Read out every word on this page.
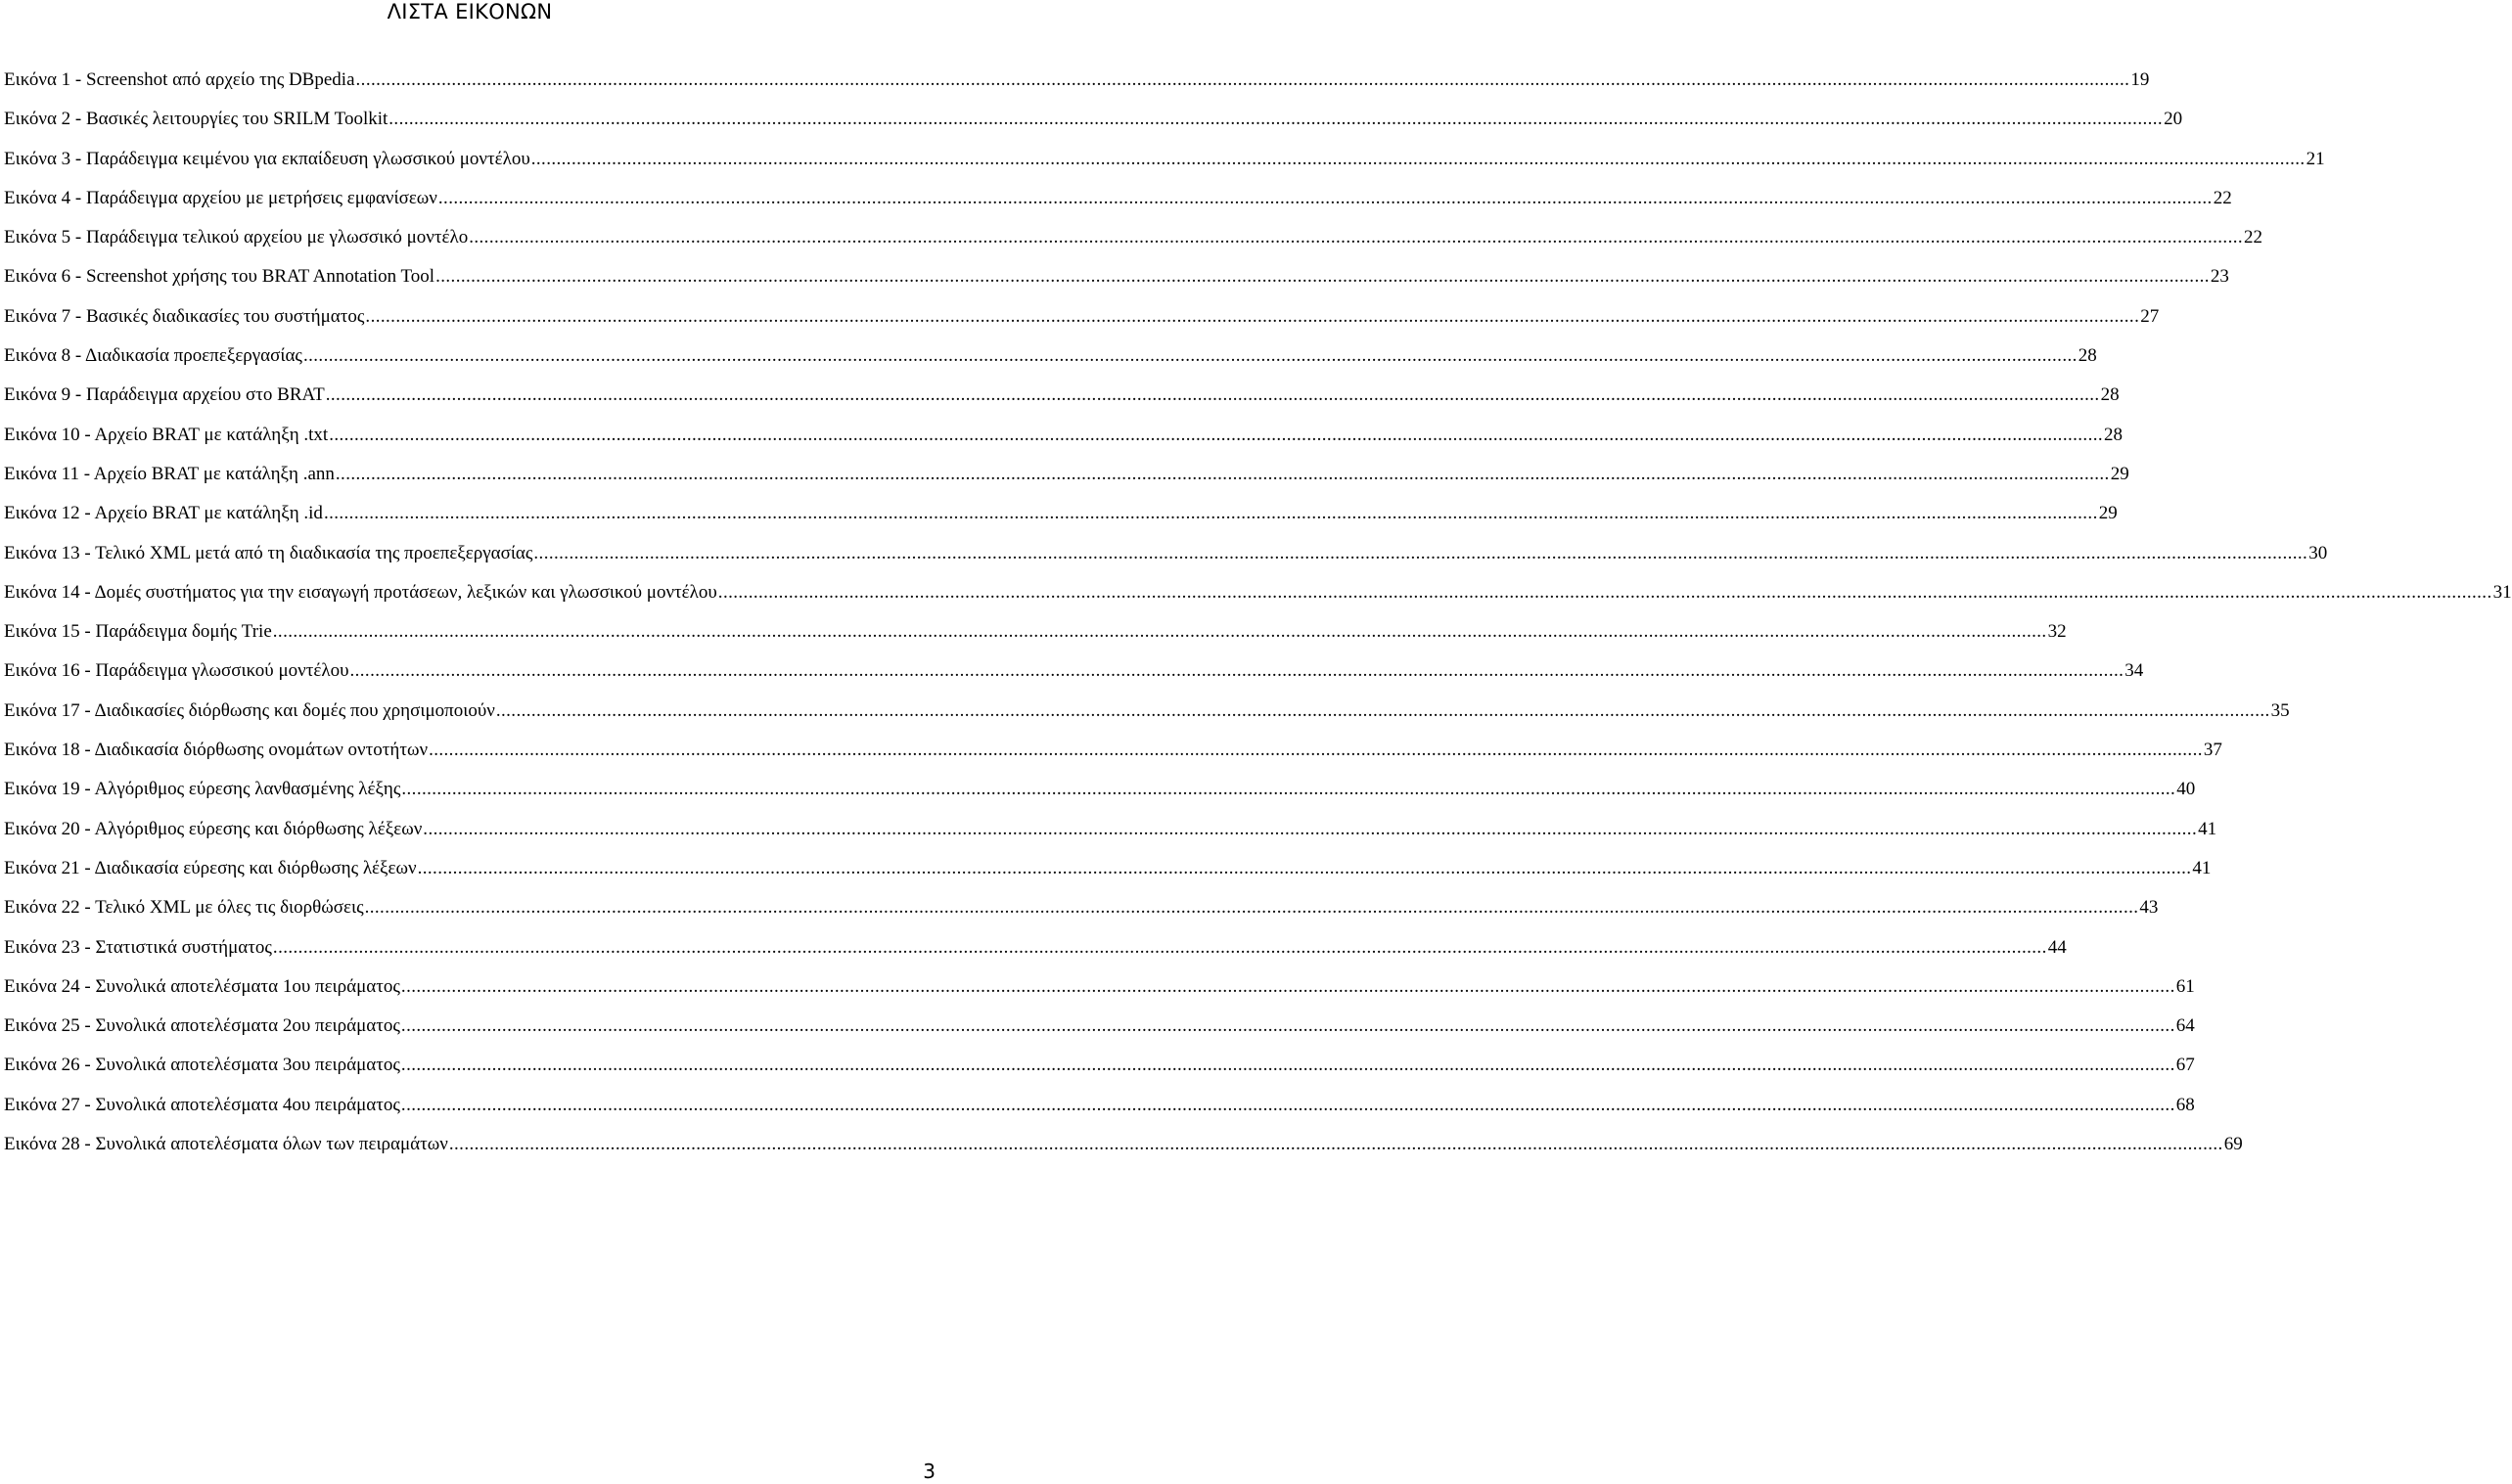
ΛΙΣΤΑ ΕΙΚΟΝΩΝ
Εικόνα 1 - Screenshot από αρχείο της DBpedia .....	19
Εικόνα 2 - Βασικές λειτουργίες του SRILM Toolkit .....	20
Εικόνα 3 - Παράδειγμα κειμένου για εκπαίδευση γλωσσικού μοντέλου .....	21
Εικόνα 4 - Παράδειγμα αρχείου με μετρήσεις εμφανίσεων .....	22
Εικόνα 5 - Παράδειγμα τελικού αρχείου με γλωσσικό μοντέλο .....	22
Εικόνα 6 - Screenshot χρήσης του BRAT Annotation Tool .....	23
Εικόνα 7 - Βασικές διαδικασίες του συστήματος .....	27
Εικόνα 8 - Διαδικασία προεπεξεργασίας .....	28
Εικόνα 9 - Παράδειγμα αρχείου στο BRAT .....	28
Εικόνα 10 - Αρχείο BRAT με κατάληξη .txt .....	28
Εικόνα 11 - Αρχείο BRAT με κατάληξη .ann .....	29
Εικόνα 12 - Αρχείο BRAT με κατάληξη .id .....	29
Εικόνα 13 - Τελικό XML μετά από τη διαδικασία της προεπεξεργασίας .....	30
Εικόνα 14 - Δομές συστήματος για την εισαγωγή προτάσεων, λεξικών και γλωσσικού μοντέλου .....	31
Εικόνα 15 - Παράδειγμα δομής Trie .....	32
Εικόνα 16 - Παράδειγμα γλωσσικού μοντέλου .....	34
Εικόνα 17 - Διαδικασίες διόρθωσης και δομές που χρησιμοποιούν .....	35
Εικόνα 18 - Διαδικασία διόρθωσης ονομάτων οντοτήτων .....	37
Εικόνα 19 - Αλγόριθμος εύρεσης λανθασμένης λέξης .....	40
Εικόνα 20 - Αλγόριθμος εύρεσης και διόρθωσης λέξεων .....	41
Εικόνα 21 - Διαδικασία εύρεσης και διόρθωσης λέξεων .....	41
Εικόνα 22 - Τελικό XML με όλες τις διορθώσεις .....	43
Εικόνα 23 - Στατιστικά συστήματος .....	44
Εικόνα 24 - Συνολικά αποτελέσματα 1ου πειράματος .....	61
Εικόνα 25 - Συνολικά αποτελέσματα 2ου πειράματος .....	64
Εικόνα 26 - Συνολικά αποτελέσματα 3ου πειράματος .....	67
Εικόνα 27 - Συνολικά αποτελέσματα 4ου πειράματος .....	68
Εικόνα 28 - Συνολικά αποτελέσματα όλων των πειραμάτων .....	69
3
